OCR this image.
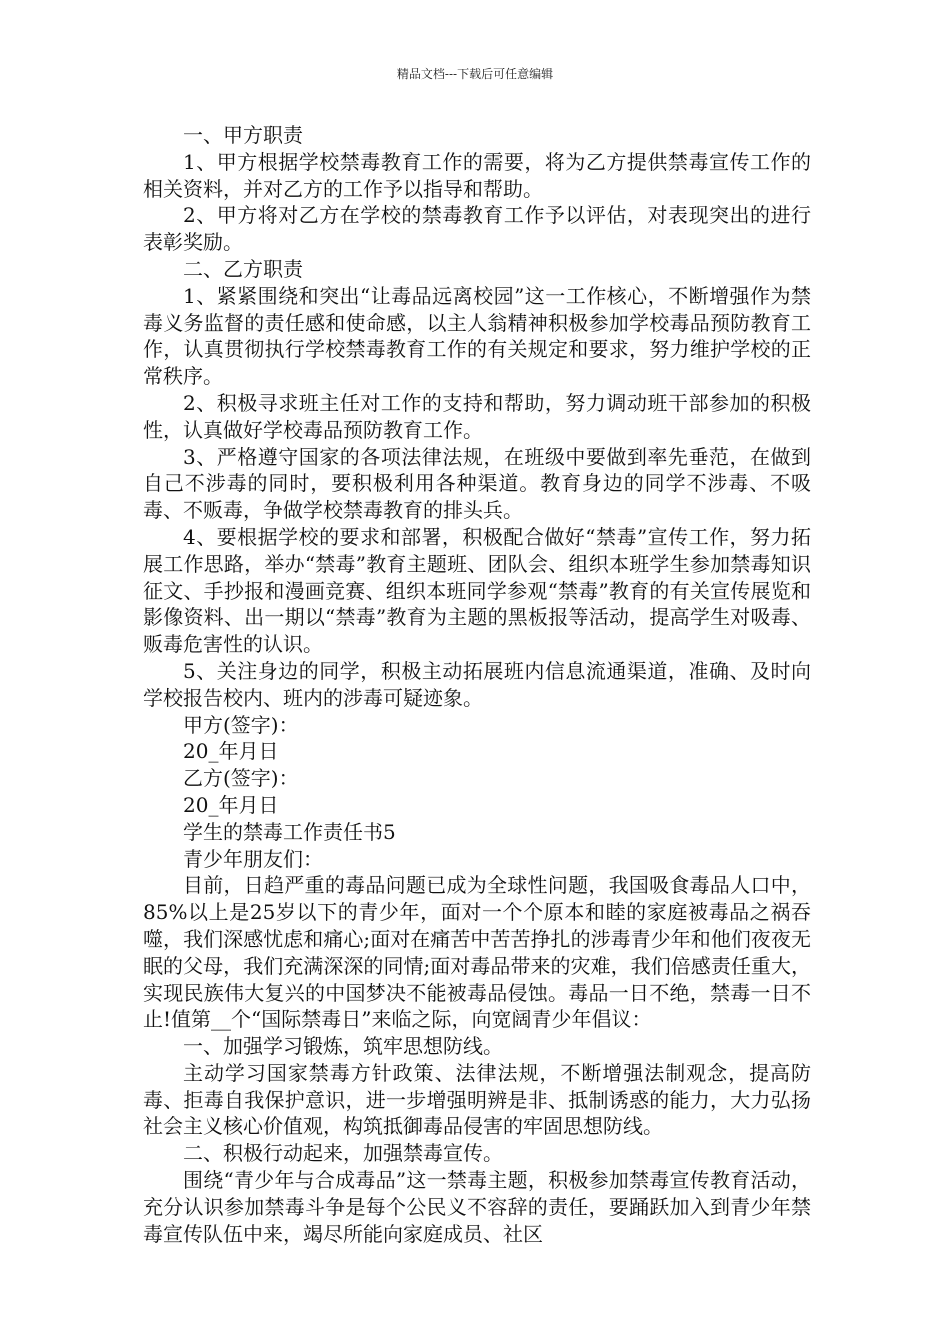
精品文档---下载后可任意编辑

一、甲方职责

1、甲方根据学校禁毒教育工作的需要，将为乙方提供禁毒宣传工作的相关资料，并对乙方的工作予以指导和帮助。

2、甲方将对乙方在学校的禁毒教育工作予以评估，对表现突出的进行表彰奖励。

二、乙方职责

1、紧紧围绕和突出“让毒品远离校园”这一工作核心，不断增强作为禁毒义务监督的责任感和使命感，以主人翁精神积极参加学校毒品预防教育工作，认真贯彻执行学校禁毒教育工作的有关规定和要求，努力维护学校的正常秩序。

2、积极寻求班主任对工作的支持和帮助，努力调动班干部参加的积极性，认真做好学校毒品预防教育工作。

3、严格遵守国家的各项法律法规，在班级中要做到率先垂范，在做到自己不涉毒的同时，要积极利用各种渠道。教育身边的同学不涉毒、不吸毒、不贩毒，争做学校禁毒教育的排头兵。

4、要根据学校的要求和部署，积极配合做好“禁毒”宣传工作，努力拓展工作思路，举办“禁毒”教育主题班、团队会、组织本班学生参加禁毒知识征文、手抄报和漫画竞赛、组织本班同学参观“禁毒”教育的有关宣传展览和影像资料、出一期以“禁毒”教育为主题的黑板报等活动，提高学生对吸毒、贩毒危害性的认识。

5、关注身边的同学，积极主动拓展班内信息流通渠道，准确、及时向学校报告校内、班内的涉毒可疑迹象。

甲方(签字)：

20_年月日

乙方(签字)：

20_年月日

学生的禁毒工作责任书5

青少年朋友们：

目前，日趋严重的毒品问题已成为全球性问题，我国吸食毒品人口中，85%以上是25岁以下的青少年，面对一个个原本和睦的家庭被毒品之祸吞噬，我们深感忧虑和痛心;面对在痛苦中苦苦挣扎的涉毒青少年和他们夜夜无眠的父母，我们充满深深的同情;面对毒品带来的灾难，我们倍感责任重大，实现民族伟大复兴的中国梦决不能被毒品侵蚀。毒品一日不绝，禁毒一日不止!值第__个“国际禁毒日”来临之际，向宽阔青少年倡议：

一、加强学习锻炼，筑牢思想防线。

主动学习国家禁毒方针政策、法律法规，不断增强法制观念，提高防毒、拒毒自我保护意识，进一步增强明辨是非、抵制诱惑的能力，大力弘扬社会主义核心价值观，构筑抵御毒品侵害的牢固思想防线。

二、积极行动起来，加强禁毒宣传。

围绕“青少年与合成毒品”这一禁毒主题，积极参加禁毒宣传教育活动，充分认识参加禁毒斗争是每个公民义不容辞的责任，要踊跃加入到青少年禁毒宣传队伍中来，竭尽所能向家庭成员、社区
